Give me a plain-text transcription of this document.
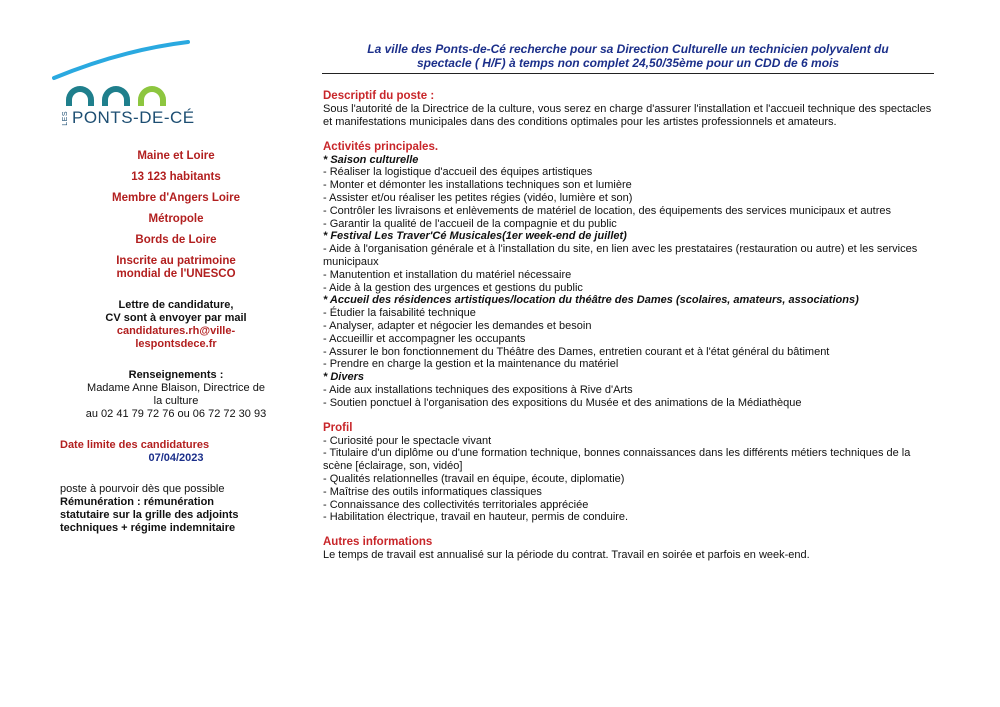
LES PONTS-DE-CÉ
Maine et Loire
13 123 habitants
Membre d'Angers Loire
Métropole
Bords de Loire
Inscrite au patrimoine
mondial de l'UNESCO
Lettre de candidature,
CV sont à envoyer par mail
candidatures.rh@ville-
lespontsdece.fr
Renseignements :
Madame Anne Blaison, Directrice de
la culture
au 02 41 79 72 76 ou 06 72 72 30 93
Date limite des candidatures
07/04/2023
poste à pourvoir dès que possible
Rémunération : rémunération
statutaire sur la grille des adjoints
techniques + régime indemnitaire
La ville des Ponts-de-Cé recherche pour sa Direction Culturelle un technicien polyvalent du
spectacle ( H/F) à temps non complet 24,50/35ème pour un CDD de 6 mois
Descriptif du poste :
Sous l'autorité de la Directrice de la culture, vous serez en charge d'assurer l'installation et l'accueil technique des spectacles et manifestations municipales dans des conditions optimales pour les artistes professionnels et amateurs.
Activités principales.
* Saison culturelle
- Réaliser la logistique d'accueil des équipes artistiques
- Monter et démonter les installations techniques son et lumière
- Assister et/ou réaliser les petites régies (vidéo, lumière et son)
- Contrôler les livraisons et enlèvements de matériel de location, des équipements des services municipaux et autres
- Garantir la qualité de l'accueil de la compagnie et du public
* Festival Les Traver'Cé Musicales(1er week-end de juillet)
- Aide à l'organisation générale et à l'installation du site, en lien avec les prestataires (restauration ou autre) et les services municipaux
- Manutention et installation du matériel nécessaire
- Aide à la gestion des urgences et gestions du public
* Accueil des résidences artistiques/location du théâtre des Dames (scolaires, amateurs, associations)
- Étudier la faisabilité technique
- Analyser, adapter et négocier les demandes et besoin
- Accueillir et accompagner les occupants
- Assurer le bon fonctionnement du Théâtre des Dames, entretien courant et à l'état général du bâtiment
- Prendre en charge la gestion et la maintenance du matériel
* Divers
- Aide aux installations techniques des expositions à Rive d'Arts
- Soutien ponctuel à l'organisation des expositions du Musée et des animations de la Médiathèque
Profil
- Curiosité pour le spectacle vivant
- Titulaire d'un diplôme ou d'une formation technique, bonnes connaissances dans les différents métiers techniques de la scène [éclairage, son, vidéo]
- Qualités relationnelles (travail en équipe, écoute, diplomatie)
- Maîtrise des outils informatiques classiques
- Connaissance des collectivités territoriales appréciée
- Habilitation électrique, travail en hauteur, permis de conduire.
Autres informations
Le temps de travail est annualisé sur la période du contrat. Travail en soirée et parfois en week-end.
